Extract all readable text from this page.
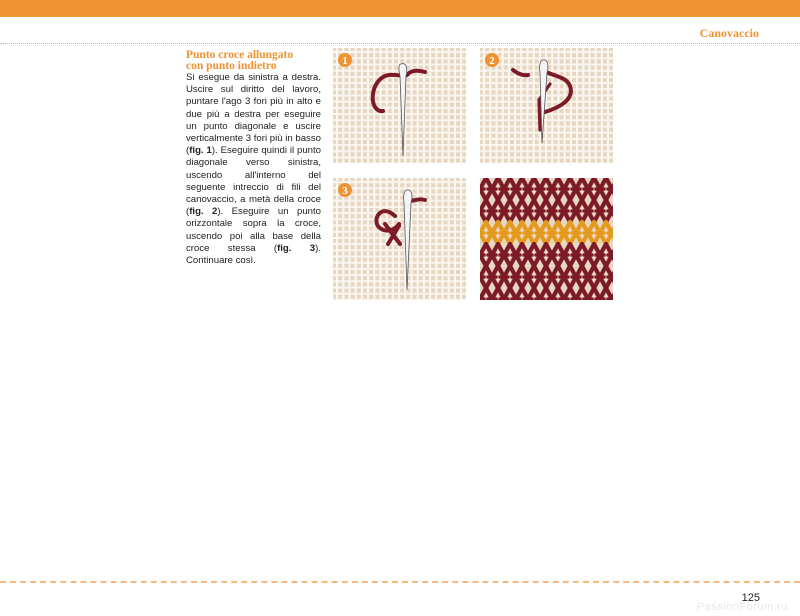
Canovaccio
Punto croce allungato
con punto indietro
Si esegue da sinistra a destra. Uscire sul diritto del lavoro, puntare l'ago 3 fori più in alto e due più a destra per eseguire un punto diagonale e uscire verticalmente 3 fori più in basso (fig. 1). Eseguire quindi il punto diagonale verso sinistra, uscendo all'interno del seguente intreccio di fili del canovaccio, a metà della croce (fig. 2). Eseguire un punto orizzontale sopra la croce, uscendo poi alla base della croce stessa (fig. 3). Continuare così.
1	2
3
125
PassionForum.ru
